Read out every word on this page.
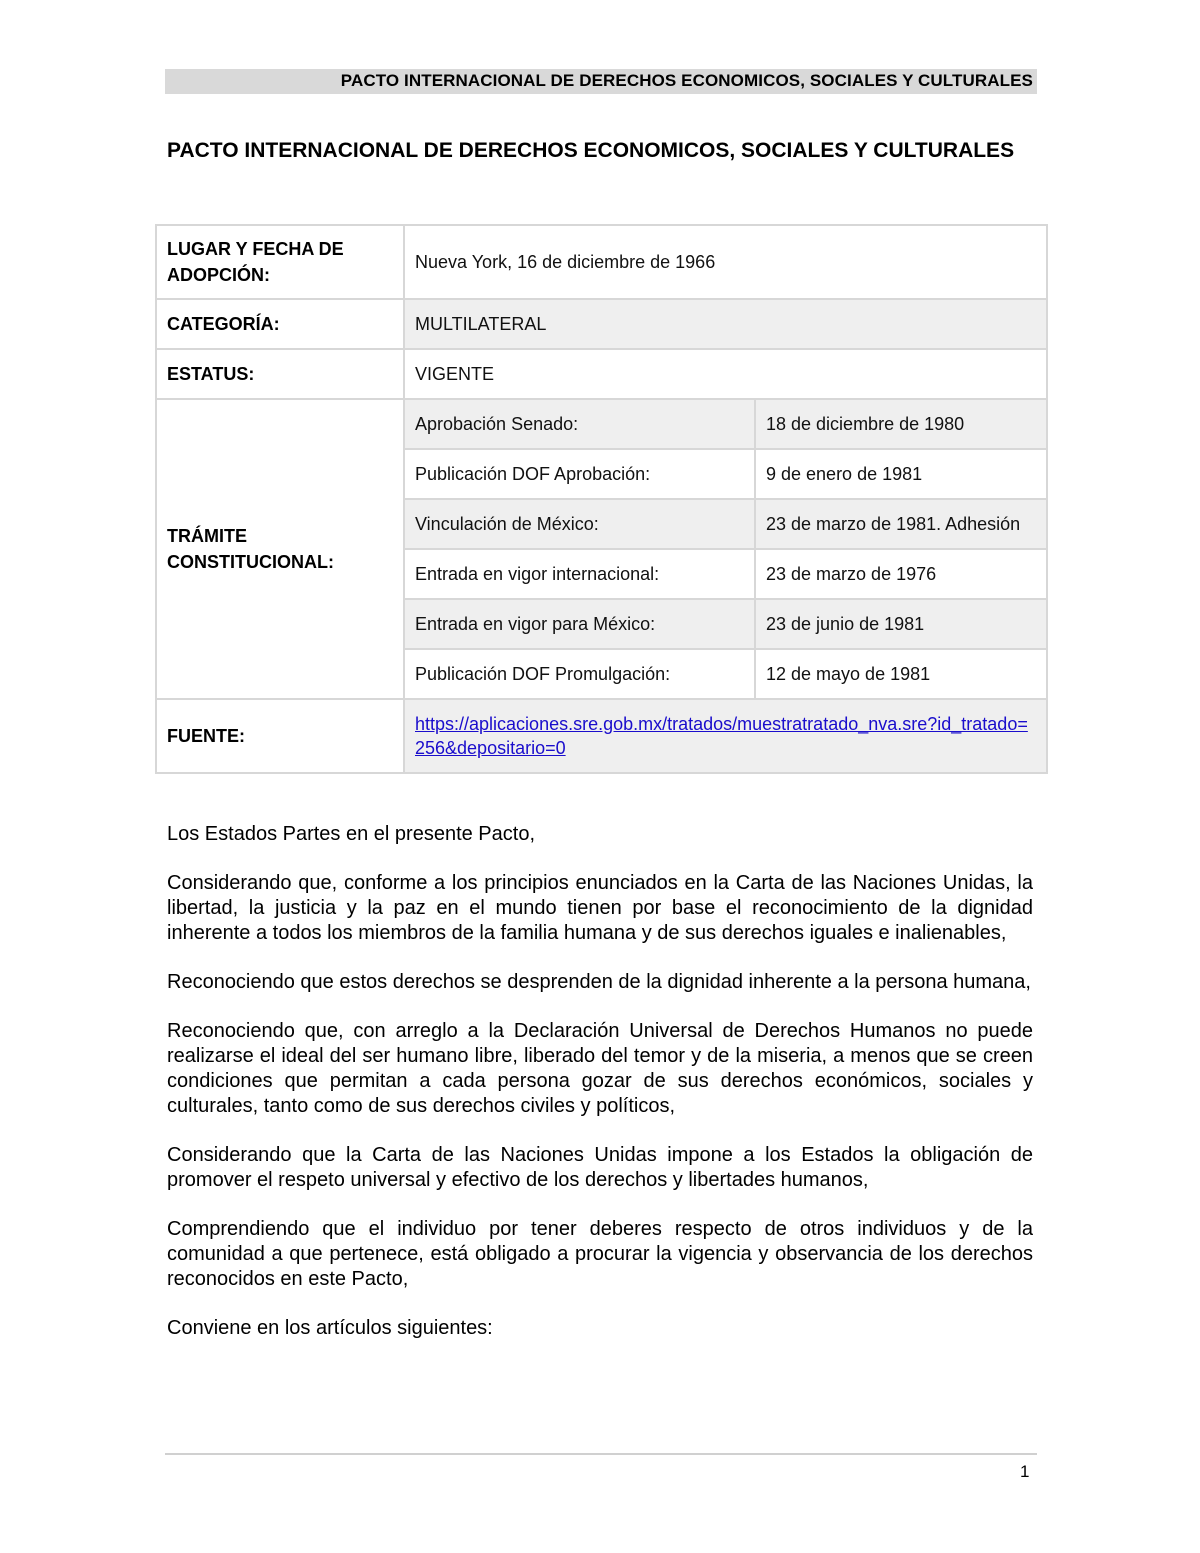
PACTO INTERNACIONAL DE DERECHOS ECONOMICOS, SOCIALES Y CULTURALES
PACTO INTERNACIONAL DE DERECHOS ECONOMICOS, SOCIALES Y CULTURALES
LUGAR Y FECHA DE ADOPCIÓN:	Nueva York, 16 de diciembre de 1966	
CATEGORÍA:	MULTILATERAL	
ESTATUS:	VIGENTE	
TRÁMITE CONSTITUCIONAL:	Aprobación Senado:	18 de diciembre de 1980
	Publicación DOF Aprobación:	9 de enero de 1981
	Vinculación de México:	23 de marzo de 1981. Adhesión
	Entrada en vigor internacional:	23 de marzo de 1976
	Entrada en vigor para México:	23 de junio de 1981
	Publicación DOF Promulgación:	12 de mayo de 1981
FUENTE:	https://aplicaciones.sre.gob.mx/tratados/muestratratado_nva.sre?id_tratado=256&depositario=0	

Los Estados Partes en el presente Pacto,

Considerando que, conforme a los principios enunciados en la Carta de las Naciones Unidas, la libertad, la justicia y la paz en el mundo tienen por base el reconocimiento de la dignidad inherente a todos los miembros de la familia humana y de sus derechos iguales e inalienables,

Reconociendo que estos derechos se desprenden de la dignidad inherente a la persona humana,

Reconociendo que, con arreglo a la Declaración Universal de Derechos Humanos no puede realizarse el ideal del ser humano libre, liberado del temor y de la miseria, a menos que se creen condiciones que permitan a cada persona gozar de sus derechos económicos, sociales y culturales, tanto como de sus derechos civiles y políticos,

Considerando que la Carta de las Naciones Unidas impone a los Estados la obligación de promover el respeto universal y efectivo de los derechos y libertades humanos,

Comprendiendo que el individuo por tener deberes respecto de otros individuos y de la comunidad a que pertenece, está obligado a procurar la vigencia y observancia de los derechos reconocidos en este Pacto,

Conviene en los artículos siguientes:

1
